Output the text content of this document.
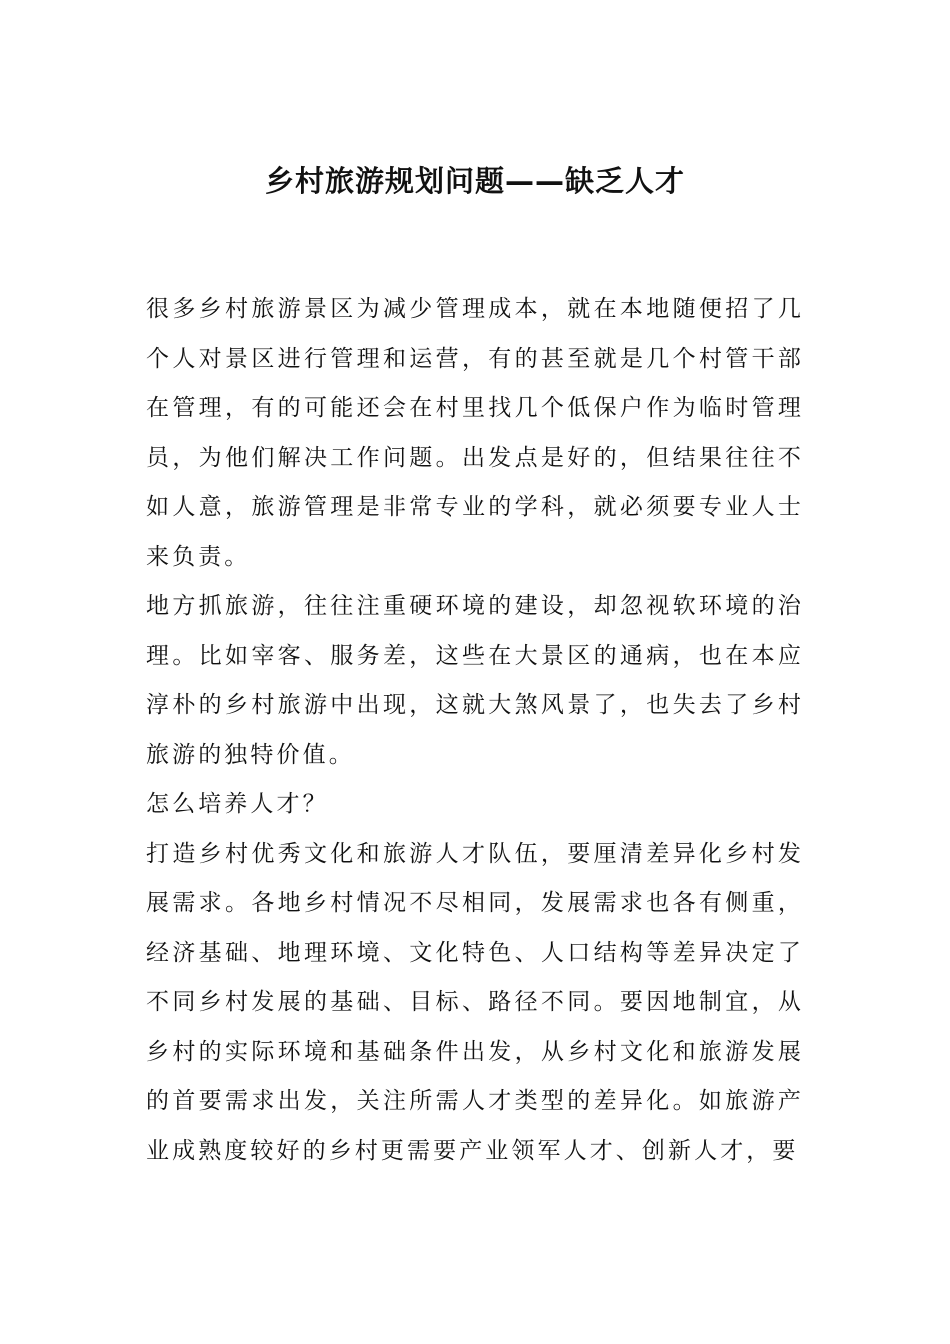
乡村旅游规划问题——缺乏人才

很多乡村旅游景区为减少管理成本，就在本地随便招了几个人对景区进行管理和运营，有的甚至就是几个村管干部在管理，有的可能还会在村里找几个低保户作为临时管理员，为他们解决工作问题。出发点是好的，但结果往往不如人意，旅游管理是非常专业的学科，就必须要专业人士来负责。

地方抓旅游，往往注重硬环境的建设，却忽视软环境的治理。比如宰客、服务差，这些在大景区的通病，也在本应淳朴的乡村旅游中出现，这就大煞风景了，也失去了乡村旅游的独特价值。

怎么培养人才？

打造乡村优秀文化和旅游人才队伍，要厘清差异化乡村发展需求。各地乡村情况不尽相同，发展需求也各有侧重，经济基础、地理环境、文化特色、人口结构等差异决定了不同乡村发展的基础、目标、路径不同。要因地制宜，从乡村的实际环境和基础条件出发，从乡村文化和旅游发展的首要需求出发，关注所需人才类型的差异化。如旅游产业成熟度较好的乡村更需要产业领军人才、创新人才，要
